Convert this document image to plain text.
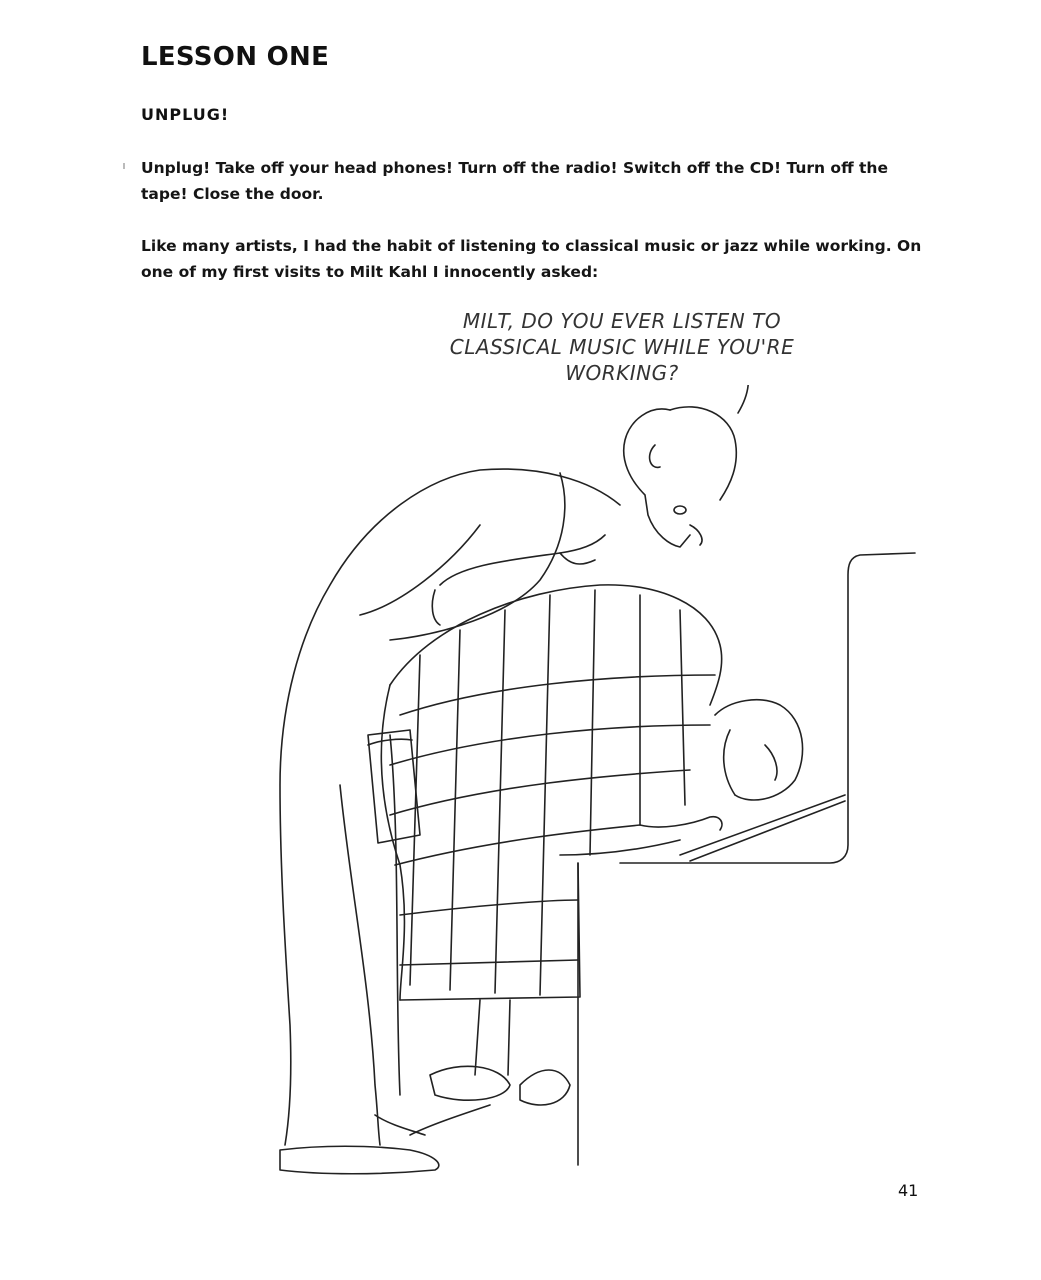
LESSON ONE
UNPLUG!

Unplug! Take off your head phones! Turn off the radio! Switch off the CD! Turn off the tape! Close the door.

Like many artists, I had the habit of listening to classical music or jazz while working. On one of my first visits to Milt Kahl I innocently asked:

MILT, DO YOU EVER LISTEN TO
CLASSICAL MUSIC WHILE YOU'RE WORKING?

41
